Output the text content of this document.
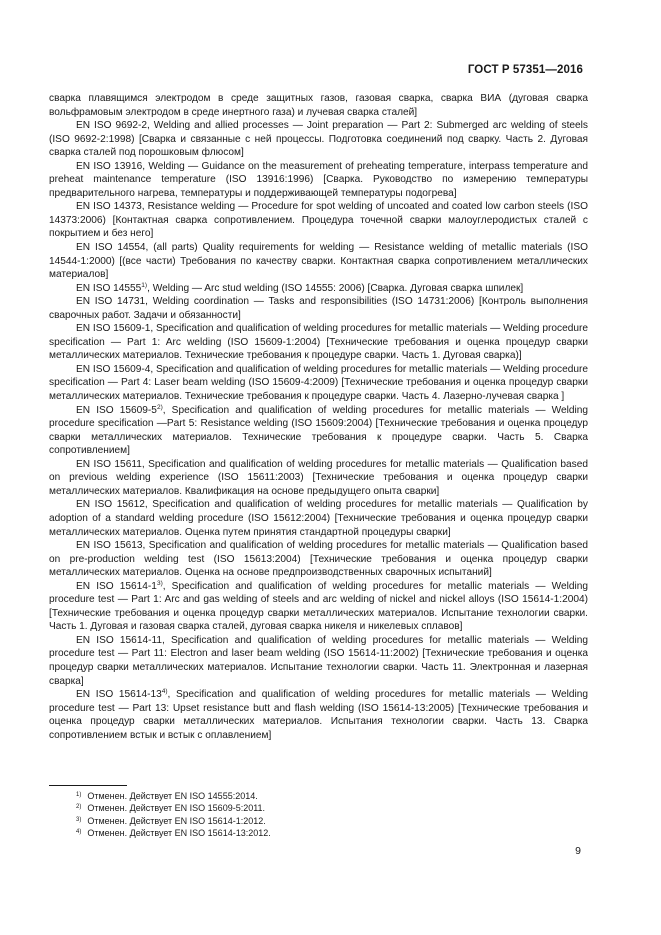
ГОСТ Р 57351—2016

сварка плавящимся электродом в среде защитных газов, газовая сварка, сварка ВИА (дуговая сварка вольфрамовым электродом в среде инертного газа) и лучевая сварка сталей]

EN ISO 9692-2, Welding and allied processes — Joint preparation — Part 2: Submerged arc welding of steels (ISO 9692-2:1998) [Сварка и связанные с ней процессы. Подготовка соединений под сварку. Часть 2. Дуговая сварка сталей под порошковым флюсом]

EN ISO 13916, Welding — Guidance on the measurement of preheating temperature, interpass temperature and preheat maintenance temperature (ISO 13916:1996) [Сварка. Руководство по измерению температуры предварительного нагрева, температуры и поддерживающей температуры подогрева]

EN ISO 14373, Resistance welding — Procedure for spot welding of uncoated and coated low carbon steels (ISO 14373:2006) [Контактная сварка сопротивлением. Процедура точечной сварки малоуглеродистых сталей с покрытием и без него]

EN ISO 14554, (all parts) Quality requirements for welding — Resistance welding of metallic materials (ISO 14544-1:2000) [(все части) Требования по качеству сварки. Контактная сварка сопротивлением металлических материалов]

EN ISO 14555$^{1)}$, Welding — Arc stud welding (ISO 14555: 2006) [Сварка. Дуговая сварка шпилек]

EN ISO 14731, Welding coordination — Tasks and responsibilities (ISO 14731:2006) [Контроль выполнения сварочных работ. Задачи и обязанности]

EN ISO 15609-1, Specification and qualification of welding procedures for metallic materials — Welding procedure specification — Part 1: Arc welding (ISO 15609-1:2004) [Технические требования и оценка процедур сварки металлических материалов. Технические требования к процедуре сварки. Часть 1. Дуговая сварка)]

EN ISO 15609-4, Specification and qualification of welding procedures for metallic materials — Welding procedure specification — Part 4: Laser beam welding (ISO 15609-4:2009) [Технические требования и оценка процедур сварки металлических материалов. Технические требования к процедуре сварки. Часть 4. Лазерно-лучевая сварка ]

EN ISO 15609-5$^{2)}$, Specification and qualification of welding procedures for metallic materials — Welding procedure specification —Part 5: Resistance welding (ISO 15609:2004) [Технические требования и оценка процедур сварки металлических материалов. Технические требования к процедуре сварки. Часть 5. Сварка сопротивлением]

EN ISO 15611, Specification and qualification of welding procedures for metallic materials — Qualification based on previous welding experience (ISO 15611:2003) [Технические требования и оценка процедур сварки металлических материалов. Квалификация на основе предыдущего опыта сварки]

EN ISO 15612, Specification and qualification of welding procedures for metallic materials — Qualification by adoption of a standard welding procedure (ISO 15612:2004) [Технические требования и оценка процедур сварки металлических материалов. Оценка путем принятия стандартной процедуры сварки]

EN ISO 15613, Specification and qualification of welding procedures for metallic materials — Qualification based on pre-production welding test (ISO 15613:2004) [Технические требования и оценка процедур сварки металлических материалов. Оценка на основе предпроизводственных сварочных испытаний]

EN ISO 15614-1$^{3)}$, Specification and qualification of welding procedures for metallic materials — Welding procedure test — Part 1: Arc and gas welding of steels and arc welding of nickel and nickel alloys (ISO 15614-1:2004) [Технические требования и оценка процедур сварки металлических материалов. Испытание технологии сварки. Часть 1. Дуговая и газовая сварка сталей, дуговая сварка никеля и никелевых сплавов]

EN ISO 15614-11, Specification and qualification of welding procedures for metallic materials — Welding procedure test — Part 11: Electron and laser beam welding (ISO 15614-11:2002) [Технические требования и оценка процедур сварки металлических материалов. Испытание технологии сварки. Часть 11. Электронная и лазерная сварка]

EN ISO 15614-13$^{4)}$, Specification and qualification of welding procedures for metallic materials — Welding procedure test — Part 13: Upset resistance butt and flash welding (ISO 15614-13:2005) [Технические требования и оценка процедур сварки металлических материалов. Испытания технологии сварки. Часть 13. Сварка сопротивлением встык и встык с оплавлением]

$^{1)}$ Отменен. Действует EN ISO 14555:2014.
$^{2)}$ Отменен. Действует EN ISO 15609-5:2011.
$^{3)}$ Отменен. Действует EN ISO 15614-1:2012.
$^{4)}$ Отменен. Действует EN ISO 15614-13:2012.
9
